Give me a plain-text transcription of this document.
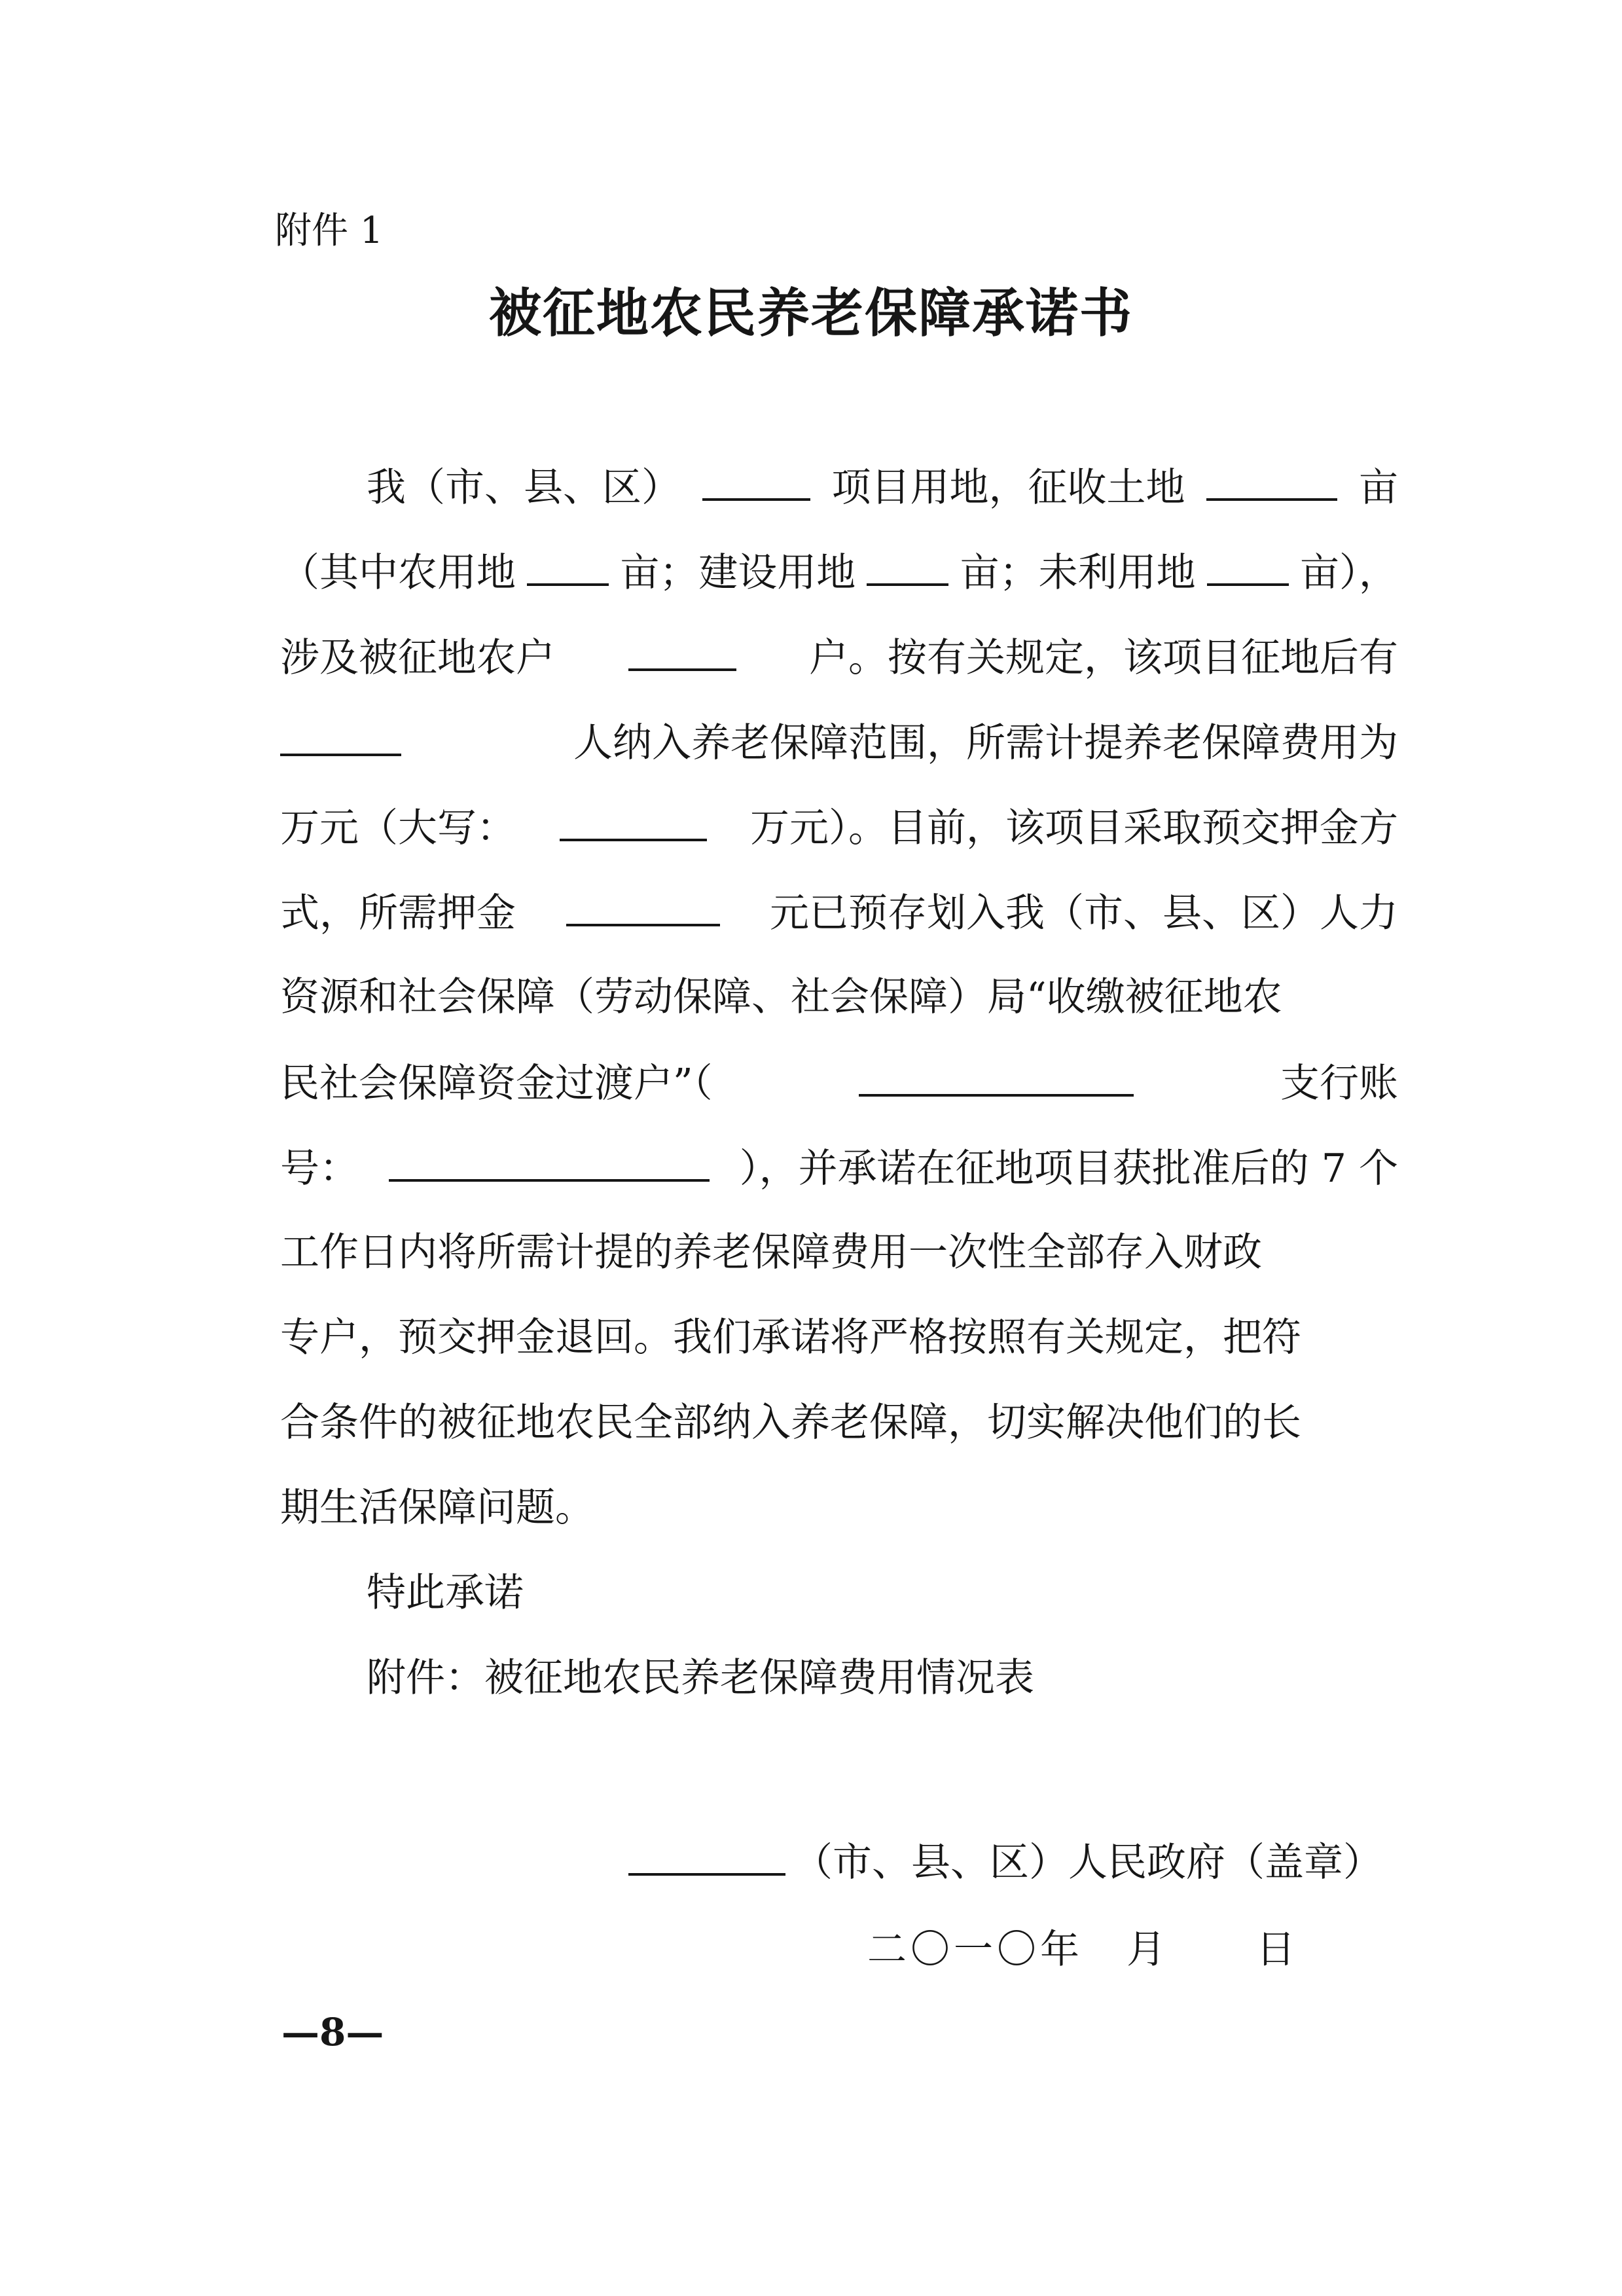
附件 1
被征地农民养老保障承诺书
我（市、县、区）	项目用地，征收土地	亩
（其中农用地	亩；建设用地	亩；未利用地	亩），
涉及被征地农户	户。按有关规定，该项目征地后有
人纳入养老保障范围，所需计提养老保障费用为
万元（大写：	万元）。目前，该项目采取预交押金方
式，所需押金	元已预存划入我（市、县、区）人力
资源和社会保障（劳动保障、社会保障）局“收缴被征地农
民社会保障资金过渡户”（	支行账
号：	），并承诺在征地项目获批准后的 7 个
工作日内将所需计提的养老保障费用一次性全部存入财政
专户，预交押金退回。我们承诺将严格按照有关规定，把符
合条件的被征地农民全部纳入养老保障，切实解决他们的长
期生活保障问题。
特此承诺
附件：被征地农民养老保障费用情况表
（市、县、区）人民政府（盖章）
二〇一〇年　月　　日
—8—
